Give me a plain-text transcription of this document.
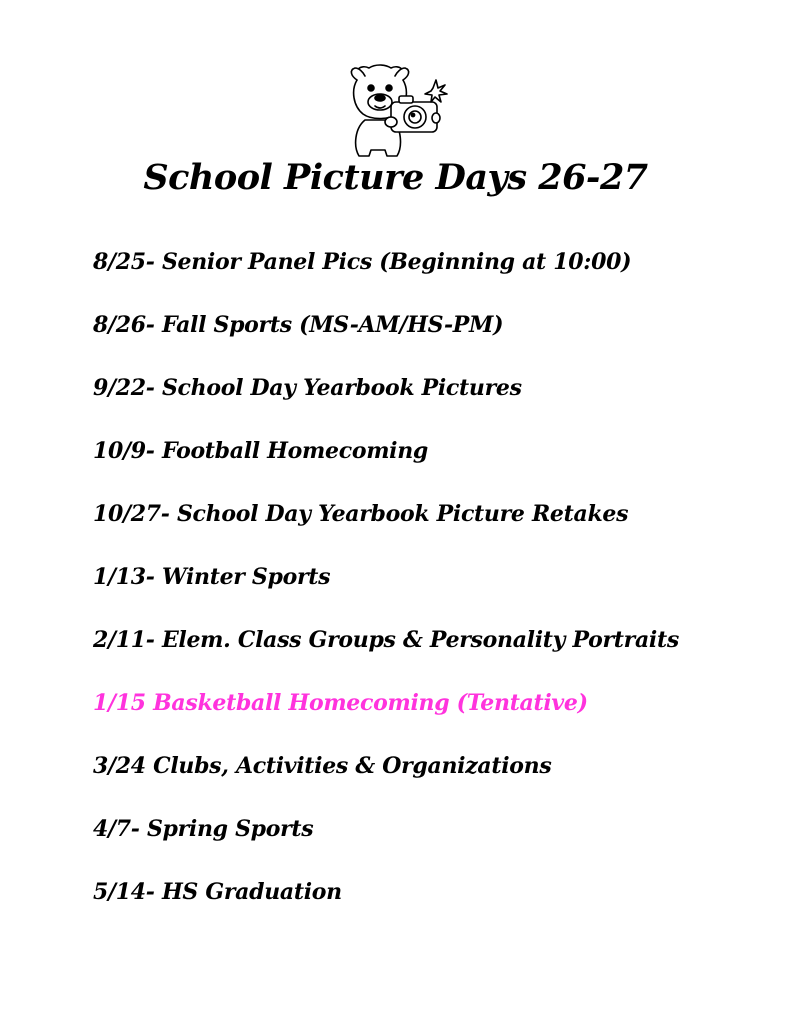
School Picture Days 26-27
8/25- Senior Panel Pics (Beginning at 10:00)
8/26- Fall Sports (MS-AM/HS-PM)
9/22- School Day Yearbook Pictures
10/9- Football Homecoming
10/27- School Day Yearbook Picture Retakes
1/13- Winter Sports
2/11- Elem. Class Groups & Personality Portraits
1/15 Basketball Homecoming (Tentative)
3/24 Clubs, Activities & Organizations
4/7- Spring Sports
5/14- HS Graduation
